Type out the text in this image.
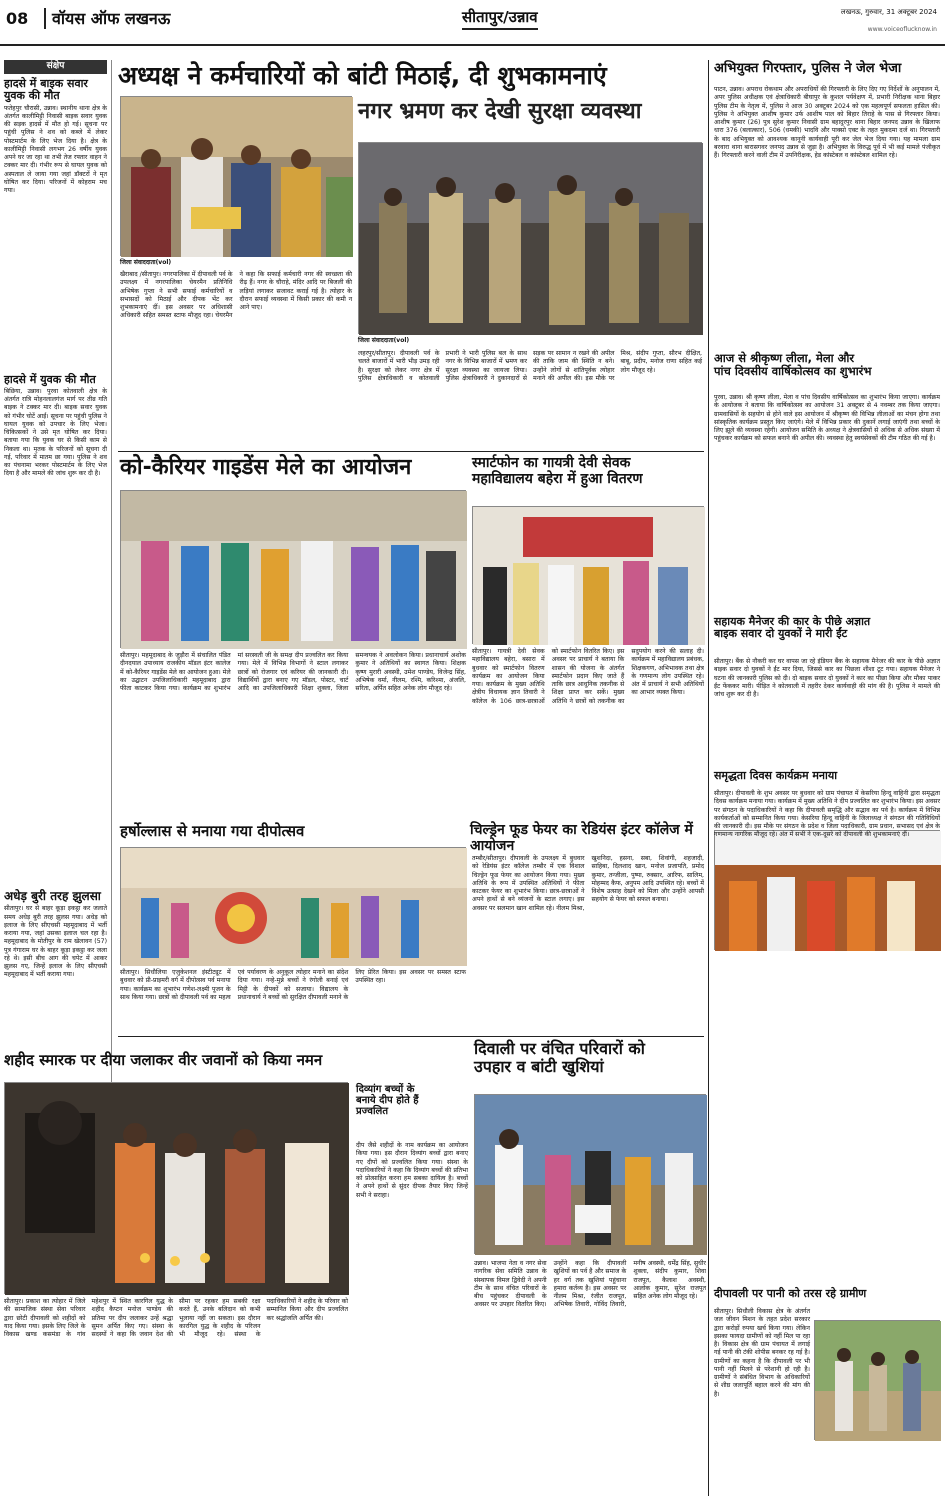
08	वॉयस ऑफ लखनऊ	सीतापुर/उन्नाव	लखनऊ, गुरुवार, 31 अक्टूबर 2024
www.voiceoflucknow.in
संक्षेप
हादसे में बाइक सवार युवक की मौत
फतेहपुर चौरासी, उन्नाव। स्थानीय थाना क्षेत्र के अंतर्गत कालीमिट्टी निवासी बाइक सवार युवक की सड़क हादसे में मौत हो गई। सूचना पर पहुंची पुलिस ने शव को कब्जे में लेकर पोस्टमार्टम के लिए भेज दिया है। क्षेत्र के कालीमिट्टी निवासी लगभग 26 वर्षीय युवक अपने घर जा रहा था तभी तेज रफ्तार वाहन ने टक्कर मार दी। गंभीर रूप से घायल युवक को अस्पताल ले जाया गया जहां डॉक्टरों ने मृत घोषित कर दिया। परिजनों में कोहराम मच गया।
हादसे में युवक की मौत
बिछिया, उन्नाव। पुरवा कोतवाली क्षेत्र के अंतर्गत रात्रि मोहनलालगंज मार्ग पर तीव्र गति बाइक ने टक्कर मार दी। बाइक सवार युवक को गंभीर चोटें आईं। सूचना पर पहुंची पुलिस ने घायल युवक को उपचार के लिए भेजा। चिकित्सकों ने उसे मृत घोषित कर दिया। बताया गया कि युवक घर से किसी काम से निकला था। मृतक के परिजनों को सूचना दी गई, परिवार में मातम छा गया। पुलिस ने शव का पंचनामा भरकर पोस्टमार्टम के लिए भेज दिया है और मामले की जांच शुरू कर दी है।
अधेड़ बुरी तरह झुलसा
सीतापुर। घर से बाहर कूड़ा इकट्ठा कर जलाते समय अधेड़ बुरी तरह झुलस गया। अधेड़ को इलाज के लिए सीएचसी महमूदाबाद में भर्ती कराया गया, जहां उसका इलाज चल रहा है। महमूदाबाद के मोतीपुर के राम खेलावन (57) पुत्र गंगाराम घर के बाहर कूड़ा इकट्ठा कर जला रहे थे। इसी बीच आग की चपेट में आकर झुलस गए, जिन्हें इलाज के लिए सीएचसी महमूदाबाद में भर्ती कराया गया।
अध्यक्ष ने कर्मचारियों को बांटी मिठाई, दी शुभकामनाएं
जिला संवाददाता(vol)
खैराबाद /सीतापुर। नगरपालिका में दीपावली पर्व के उपलक्ष्य में नगरपालिका चेयरमैन प्रतिनिधि अभिषेक गुप्ता ने सभी सफाई कर्मचारियों व सभासदों को मिठाई और दीपक भेंट कर शुभकामनाएं दीं। इस अवसर पर अधिशासी अधिकारी सहित समस्त स्टाफ मौजूद रहा। चेयरमैन ने कहा कि सफाई कर्मचारी नगर की स्वच्छता की रीढ़ हैं। नगर के चौराहे, मंदिर आदि पर बिजली की लड़ियां लगाकर सजावट कराई गई है। त्योहार के दौरान सफाई व्यवस्था में किसी प्रकार की कमी न आने पाए।
नगर भ्रमण कर देखी सुरक्षा व्यवस्था
जिला संवाददाता(vol)
लहरपुर/सीतापुर। दीपावली पर्व के चलते बाजारों में भारी भीड़ उमड़ रही है। सुरक्षा को लेकर नगर क्षेत्र में पुलिस क्षेत्राधिकारी व कोतवाली प्रभारी ने भारी पुलिस बल के साथ नगर के विभिन्न बाजारों में भ्रमण कर सुरक्षा व्यवस्था का जायजा लिया। पुलिस क्षेत्राधिकारी ने दुकानदारों से सड़क पर सामान न रखने की अपील की ताकि जाम की स्थिति न बने। उन्होंने लोगों से शांतिपूर्वक त्योहार मनाने की अपील की। इस मौके पर मिश्र, संदीप गुप्ता, सौरभ दीक्षित, बाबू, प्रदीप, मनोज राणा सहित कई लोग मौजूद रहे।
को-कैरियर गाइडेंस मेले का आयोजन
सीतापुर। महमूदाबाद के जुड़ौरा में संचालित पंडित दीनदयाल उपाध्याय राजकीय मॉडल इंटर कालेज में को-कैरियर गाइडेंस मेले का आयोजन हुआ। मेले का उद्घाटन उपजिलाधिकारी महमूदाबाद द्वारा फीता काटकर किया गया। कार्यक्रम का शुभारंभ मां सरस्वती जी के समक्ष दीप प्रज्वलित कर किया गया। मेले में विभिन्न विभागों ने स्टाल लगाकर छात्रों को रोजगार एवं करियर की जानकारी दी। विद्यार्थियों द्वारा बनाए गए मॉडल, पोस्टर, चार्ट आदि का उपजिलाधिकारी शिक्षा शुक्ला, जिला समन्वयक ने अवलोकन किया। प्रधानाचार्य अशोक कुमार ने अतिथियों का स्वागत किया। शिक्षक कृष्ण मुरारी अवस्थी, उमेश पाण्डेय, विजेन्द्र सिंह, अभिषेक वर्मा, नीलम, रश्मि, करिश्मा, अंजलि, सरिता, अर्पित सहित अनेक लोग मौजूद रहे।
स्मार्टफोन का गायत्री देवी सेवक
महाविद्यालय बहेरा में हुआ वितरण
सीतापुर। गायत्री देवी सेवक महाविद्यालय बहेरा, बसारा में बुधवार को स्मार्टफोन वितरण कार्यक्रम का आयोजन किया गया। कार्यक्रम के मुख्य अतिथि क्षेत्रीय विधायक ज्ञान तिवारी ने कॉलेज के 106 छात्र-छात्राओं को स्मार्टफोन वितरित किए। इस अवसर पर प्राचार्य ने बताया कि शासन की योजना के अंतर्गत स्मार्टफोन प्रदान किए जाते हैं ताकि छात्र आधुनिक तकनीक से शिक्षा प्राप्त कर सकें। मुख्य अतिथि ने छात्रों को तकनीक का सदुपयोग करने की सलाह दी। कार्यक्रम में महाविद्यालय प्रबंधक, शिक्षकगण, अभिभावक तथा क्षेत्र के गणमान्य लोग उपस्थित रहे। अंत में प्राचार्य ने सभी अतिथियों का आभार व्यक्त किया।
हर्षोल्लास से मनाया गया दीपोत्सव
सीतापुर। सिधौलिया एजुकेशनल इंस्टीट्यूट में बुधवार को प्री-प्राइमरी वर्ग में दीपोत्सव पर्व मनाया गया। कार्यक्रम का शुभारंभ गणेश-लक्ष्मी पूजन के साथ किया गया। छात्रों को दीपावली पर्व का महत्व एवं पर्यावरण के अनुकूल त्योहार मनाने का संदेश दिया गया। नन्हे-मुन्ने बच्चों ने रंगोली बनाई एवं मिट्टी के दीपकों को सजाया। विद्यालय के प्रधानाचार्य ने बच्चों को सुरक्षित दीपावली मनाने के लिए प्रेरित किया। इस अवसर पर समस्त स्टाफ उपस्थित रहा।
चिल्ड्रेन फूड फेयर का रेडियंस इंटर कॉलेज में आयोजन
तम्बौर/सीतापुर। दीपावली के उपलक्ष्य में बुधवार को रेडियंस इंटर कॉलेज तम्बौर में एक विशाल चिल्ड्रेन फूड फेयर का आयोजन किया गया। मुख्य अतिथि के रूप में उपस्थित अतिथियों ने फीता काटकर फेयर का शुभारंभ किया। छात्र-छात्राओं ने अपने हाथों से बने व्यंजनों के स्टाल लगाए। इस अवसर पर सलमान खान शामिल रहे। नीलम मिश्रा, खुशनिदा, हसना, सबा, शिवांगी, शहजादी, साहिबा, दिलशाद खान, मनोज प्रजापति, प्रमोद कुमार, तन्जीला, पुष्पा, रुक्सार, आरिफ, सालिम, मोहम्मद कैफ, अनुपम आदि उपस्थित रहे। बच्चों में विशेष उत्साह देखने को मिला और उन्होंने आपसी सहयोग से फेयर को सफल बनाया।
शहीद स्मारक पर दीया जलाकर वीर जवानों को किया नमन
सीतापुर। प्रकाश का त्योहार में जिले की सामाजिक संस्था सेवा परिवार द्वारा छोटी दीपावली को शहीदों को याद किया गया। इसके लिए जिले के विकास खण्ड कसमंडा के गांव महेशपुर में स्थित कारगिल युद्ध के शहीद कैप्टन मनोज पाण्डेय की प्रतिमा पर दीप जलाकर उन्हें श्रद्धा सुमन अर्पित किए गए। संस्था के सदस्यों ने कहा कि जवान देश की सीमा पर रहकर हम सबकी रक्षा करते हैं, उनके बलिदान को कभी भुलाया नहीं जा सकता। इस दौरान कारगिल युद्ध के शहीद के परिजन भी मौजूद रहे। संस्था के पदाधिकारियों ने शहीद के परिवार को सम्मानित किया और दीप प्रज्वलित कर श्रद्धांजलि अर्पित की।
दिव्यांग बच्चों के
बनाये दीप होते हैं
प्रज्वलित
दीप जैसे शहीदों के नाम कार्यक्रम का आयोजन किया गया। इस दौरान दिव्यांग बच्चों द्वारा बनाए गए दीपों को प्रज्वलित किया गया। संस्था के पदाधिकारियों ने कहा कि दिव्यांग बच्चों की प्रतिभा को प्रोत्साहित करना हम सबका दायित्व है। बच्चों ने अपने हाथों से सुंदर दीपक तैयार किए जिन्हें सभी ने सराहा।
दिवाली पर वंचित परिवारों को
उपहार व बांटी खुशियां
उन्नाव। भाजपा नेता व नगर सेवा नागरिक सेवा समिति उन्नाव के संस्थापक विमल द्विवेदी ने अपनी टीम के साथ वंचित परिवारों के बीच पहुंचकर दीपावली के अवसर पर उपहार वितरित किए। उन्होंने कहा कि दीपावली खुशियों का पर्व है और समाज के हर वर्ग तक खुशियां पहुंचाना हमारा कर्तव्य है। इस अवसर पर नीलम मिश्रा, रंजीत राजपूत, अभिषेक तिवारी, गोविंद तिवारी, मनीष अवस्थी, धर्मेंद्र सिंह, सुधीर शुक्ला, संदीप कुमार, शिवा राजपूत, कैलाश अवस्थी, आलोक कुमार, सुरेश राजपूत सहित अनेक लोग मौजूद रहे।
अभियुक्त गिरफ्तार, पुलिस ने जेल भेजा
पाटन, उन्नाव। अपराध रोकथाम और अपराधियों की गिरफ्तारी के लिए दिए गए निर्देशों के अनुपालन में, अपर पुलिस अधीक्षक एवं क्षेत्राधिकारी बीघापुर के कुशल पर्यवेक्षण में, प्रभारी निरीक्षक थाना बिहार पुलिस टीम के नेतृत्व में, पुलिस ने आज 30 अक्टूबर 2024 को एक महत्वपूर्ण सफलता हासिल की। पुलिस ने अभियुक्त आशीष कुमार उर्फ आशीष पाल को बिहार तिराहे के पास से गिरफ्तार किया। आशीष कुमार (26) पुत्र सुरेश कुमार निवासी ग्राम बहादुरपुर थाना बिहार जनपद उन्नाव के खिलाफ धारा 376 (बलात्कार), 506 (धमकी) भादवि और पाक्सो एक्ट के तहत मुकदमा दर्ज था। गिरफ्तारी के बाद अभियुक्त को आवश्यक कानूनी कार्यवाही पूरी कर जेल भेज दिया गया। यह मामला ग्राम बरवारा थाना बारासगवर जनपद उन्नाव से जुड़ा है। अभियुक्त के विरुद्ध पूर्व में भी कई मामले पंजीकृत हैं। गिरफ्तारी करने वाली टीम में उपनिरीक्षक, हेड कांस्टेबल व कांस्टेबल शामिल रहे।
आज से श्रीकृष्ण लीला, मेला और
पांच दिवसीय वार्षिकोत्सव का शुभारंभ
पुरवा, उन्नाव। श्री कृष्ण लीला, मेला व पांच दिवसीय वार्षिकोत्सव का शुभारंभ किया जाएगा। कार्यक्रम के आयोजक ने बताया कि वार्षिकोत्सव का आयोजन 31 अक्टूबर से 4 नवम्बर तक किया जाएगा। ग्रामवासियों के सहयोग से होने वाले इस आयोजन में श्रीकृष्ण की विभिन्न लीलाओं का मंचन होगा तथा सांस्कृतिक कार्यक्रम प्रस्तुत किए जाएंगे। मेले में विभिन्न प्रकार की दुकानें लगाई जाएंगी तथा बच्चों के लिए झूले की व्यवस्था रहेगी। आयोजन समिति के अध्यक्ष ने क्षेत्रवासियों से अधिक से अधिक संख्या में पहुंचकर कार्यक्रम को सफल बनाने की अपील की। व्यवस्था हेतु स्वयंसेवकों की टीम गठित की गई है।
सहायक मैनेजर की कार के पीछे अज्ञात
बाइक सवार दो युवकों ने मारी ईंट
सीतापुर। बैंक से नौकरी कर घर वापस जा रहे इंडियन बैंक के सहायक मैनेजर की कार के पीछे अज्ञात बाइक सवार दो युवकों ने ईंट मार दिया, जिससे कार का पिछला शीशा टूट गया। सहायक मैनेजर ने घटना की जानकारी पुलिस को दी। दो बाइक सवार दो युवकों ने कार का पीछा किया और मौका पाकर ईंट फेंककर मारी। पीड़ित ने कोतवाली में तहरीर देकर कार्यवाही की मांग की है। पुलिस ने मामले की जांच शुरू कर दी है।
समृद्धता दिवस कार्यक्रम मनाया
सीतापुर। दीपावली के शुभ अवसर पर बुधवार को ग्राम पंचायत में केसरिया हिन्दू वाहिनी द्वारा समृद्धता दिवस कार्यक्रम मनाया गया। कार्यक्रम में मुख्य अतिथि ने दीप प्रज्वलित कर शुभारंभ किया। इस अवसर पर संगठन के पदाधिकारियों ने कहा कि दीपावली समृद्धि और सद्भाव का पर्व है। कार्यक्रम में विभिन्न कार्यकर्ताओं को सम्मानित किया गया। केसरिया हिन्दू वाहिनी के जिलाध्यक्ष ने संगठन की गतिविधियों की जानकारी दी। इस मौके पर संगठन के प्रदेश व जिला पदाधिकारी, ग्राम प्रधान, सभासद एवं क्षेत्र के गणमान्य नागरिक मौजूद रहे। अंत में सभी ने एक-दूसरे को दीपावली की शुभकामनाएं दीं।
दीपावली पर पानी को तरस रहे ग्रामीण
सीतापुर। सिधौली विकास क्षेत्र के अंतर्गत जल जीवन मिशन के तहत प्रदेश सरकार द्वारा करोड़ों रुपया खर्च किया गया। लेकिन इसका फायदा ग्रामीणों को नहीं मिल पा रहा है। विकास क्षेत्र की ग्राम पंचायत में लगाई गई पानी की टंकी शोपीस बनकर रह गई है। ग्रामीणों का कहना है कि दीपावली पर भी पानी नहीं मिलने से परेशानी हो रही है। ग्रामीणों ने संबंधित विभाग के अधिकारियों से शीघ्र जलापूर्ति बहाल करने की मांग की है।
